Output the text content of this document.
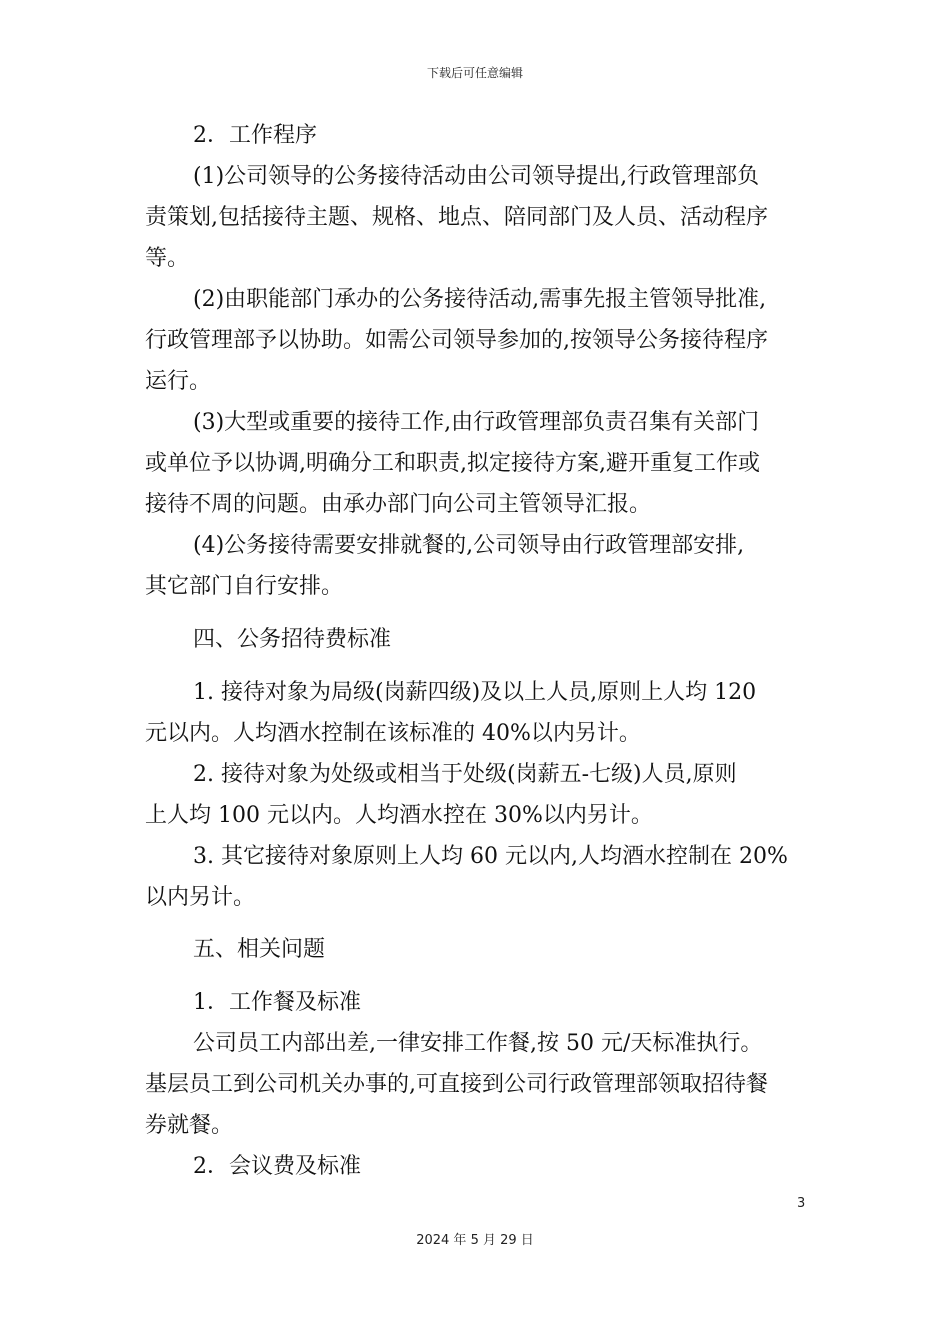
下载后可任意编辑
2．工作程序
(1)公司领导的公务接待活动由公司领导提出,行政管理部负
责策划,包括接待主题、规格、地点、陪同部门及人员、活动程序
等。
(2)由职能部门承办的公务接待活动,需事先报主管领导批准,
行政管理部予以协助。如需公司领导参加的,按领导公务接待程序
运行。
(3)大型或重要的接待工作,由行政管理部负责召集有关部门
或单位予以协调,明确分工和职责,拟定接待方案,避开重复工作或
接待不周的问题。由承办部门向公司主管领导汇报。
(4)公务接待需要安排就餐的,公司领导由行政管理部安排,
其它部门自行安排。
四、公务招待费标准
1. 接待对象为局级(岗薪四级)及以上人员,原则上人均 120
元以内。人均酒水控制在该标准的 40%以内另计。
2. 接待对象为处级或相当于处级(岗薪五-七级)人员,原则
上人均 100 元以内。人均酒水控在 30%以内另计。
3. 其它接待对象原则上人均 60 元以内,人均酒水控制在 20%
以内另计。
五、相关问题
1．工作餐及标准
公司员工内部出差,一律安排工作餐,按 50 元/天标准执行。
基层员工到公司机关办事的,可直接到公司行政管理部领取招待餐
券就餐。
2．会议费及标准
3
2024 年 5 月 29 日
